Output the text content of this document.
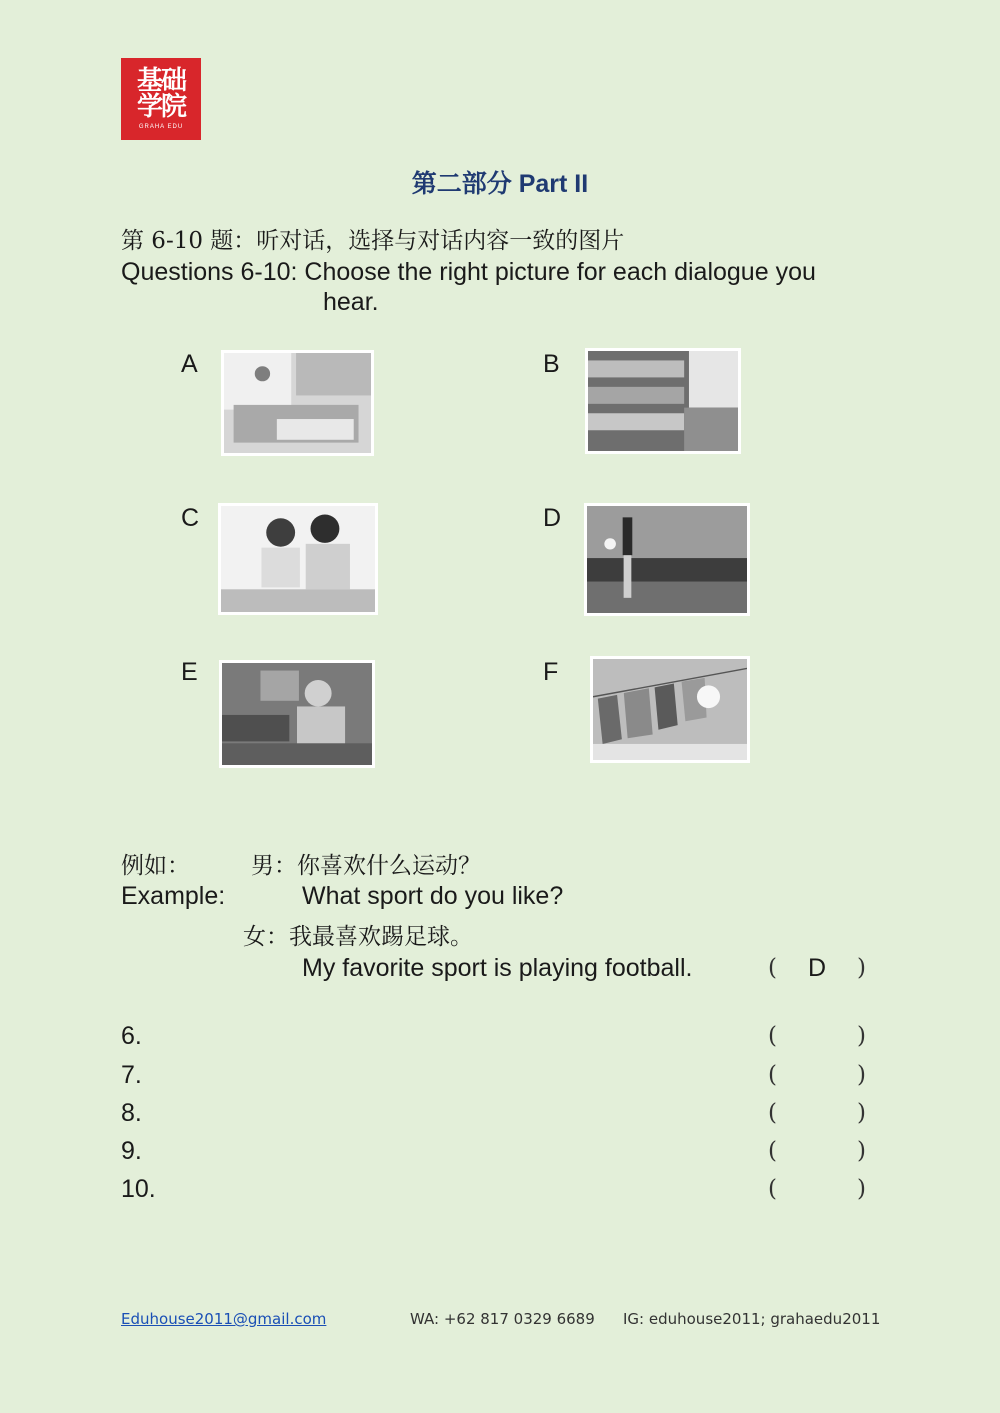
基础
学院
GRAHA EDU
第二部分 Part II
第 6-10 题：听对话，选择与对话内容一致的图片
Questions 6-10: Choose the right picture for each dialogue you
hear.
A	B
C	D
E	F
例如：	男：你喜欢什么运动？
Example:	What sport do you like?
女：我最喜欢踢足球。
My favorite sport is playing football.	( D )
6.	(	)
7.	(	)
8.	(	)
9.	(	)
10.	(	)
Eduhouse2011@gmail.com	WA: +62 817 0329 6689 IG: eduhouse2011; grahaedu2011
